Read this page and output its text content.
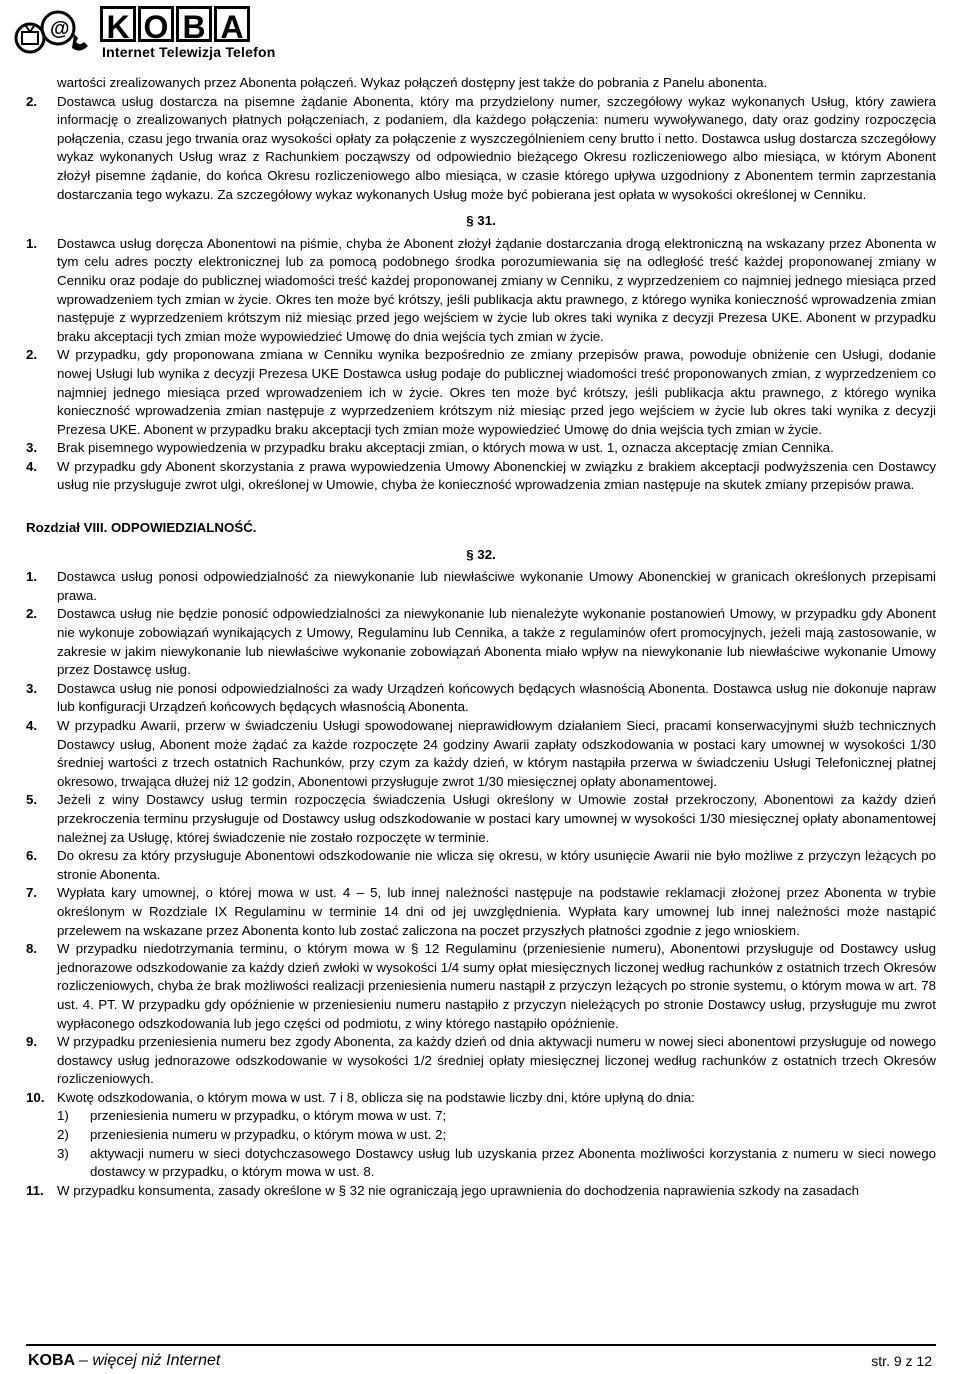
@ K O B A
Internet Telewizja Telefon

wartości zrealizowanych przez Abonenta połączeń. Wykaz połączeń dostępny jest także do pobrania z Panelu abonenta.

2.	Dostawca usług dostarcza na pisemne żądanie Abonenta, który ma przydzielony numer, szczegółowy wykaz wykonanych Usług, który zawiera informację o zrealizowanych płatnych połączeniach, z podaniem, dla każdego połączenia: numeru wywoływanego, daty oraz godziny rozpoczęcia połączenia, czasu jego trwania oraz wysokości opłaty za połączenie z wyszczególnieniem ceny brutto i netto. Dostawca usług dostarcza szczegółowy wykaz wykonanych Usług wraz z Rachunkiem począwszy od odpowiednio bieżącego Okresu rozliczeniowego albo miesiąca, w którym Abonent złożył pisemne żądanie, do końca Okresu rozliczeniowego albo miesiąca, w czasie którego upływa uzgodniony z Abonentem termin zaprzestania dostarczania tego wykazu. Za szczegółowy wykaz wykonanych Usług może być pobierana jest opłata w wysokości określonej w Cenniku.
§ 31.
1.	Dostawca usług doręcza Abonentowi na piśmie, chyba że Abonent złożył żądanie dostarczania drogą elektroniczną na wskazany przez Abonenta w tym celu adres poczty elektronicznej lub za pomocą podobnego środka porozumiewania się na odległość treść każdej proponowanej zmiany w Cenniku oraz podaje do publicznej wiadomości treść każdej proponowanej zmiany w Cenniku, z wyprzedzeniem co najmniej jednego miesiąca przed wprowadzeniem tych zmian w życie. Okres ten może być krótszy, jeśli publikacja aktu prawnego, z którego wynika konieczność wprowadzenia zmian następuje z wyprzedzeniem krótszym niż miesiąc przed jego wejściem w życie lub okres taki wynika z decyzji Prezesa UKE. Abonent w przypadku braku akceptacji tych zmian może wypowiedzieć Umowę do dnia wejścia tych zmian w życie.
2.	W przypadku, gdy proponowana zmiana w Cenniku wynika bezpośrednio ze zmiany przepisów prawa, powoduje obniżenie cen Usługi, dodanie nowej Usługi lub wynika z decyzji Prezesa UKE Dostawca usług podaje do publicznej wiadomości treść proponowanych zmian, z wyprzedzeniem co najmniej jednego miesiąca przed wprowadzeniem ich w życie. Okres ten może być krótszy, jeśli publikacja aktu prawnego, z którego wynika konieczność wprowadzenia zmian następuje z wyprzedzeniem krótszym niż miesiąc przed jego wejściem w życie lub okres taki wynika z decyzji Prezesa UKE. Abonent w przypadku braku akceptacji tych zmian może wypowiedzieć Umowę do dnia wejścia tych zmian w życie.
3.	Brak pisemnego wypowiedzenia w przypadku braku akceptacji zmian, o których mowa w ust. 1, oznacza akceptację zmian Cennika.
4.	W przypadku gdy Abonent skorzystania z prawa wypowiedzenia Umowy Abonenckiej w związku z brakiem akceptacji podwyższenia cen Dostawcy usług nie przysługuje zwrot ulgi, określonej w Umowie, chyba że konieczność wprowadzenia zmian następuje na skutek zmiany przepisów prawa.
Rozdział VIII. ODPOWIEDZIALNOŚĆ.
§ 32.
1.	Dostawca usług ponosi odpowiedzialność za niewykonanie lub niewłaściwe wykonanie Umowy Abonenckiej w granicach określonych przepisami prawa.
2.	Dostawca usług nie będzie ponosić odpowiedzialności za niewykonanie lub nienależyte wykonanie postanowień Umowy, w przypadku gdy Abonent nie wykonuje zobowiązań wynikających z Umowy, Regulaminu lub Cennika, a także z regulaminów ofert promocyjnych, jeżeli mają zastosowanie, w zakresie w jakim niewykonanie lub niewłaściwe wykonanie zobowiązań Abonenta miało wpływ na niewykonanie lub niewłaściwe wykonanie Umowy przez Dostawcę usług.
3.	Dostawca usług nie ponosi odpowiedzialności za wady Urządzeń końcowych będących własnością Abonenta. Dostawca usług nie dokonuje napraw lub konfiguracji Urządzeń końcowych będących własnością Abonenta.
4.	W przypadku Awarii, przerw w świadczeniu Usługi spowodowanej nieprawidłowym działaniem Sieci, pracami konserwacyjnymi służb technicznych Dostawcy usług, Abonent może żądać za każde rozpoczęte 24 godziny Awarii zapłaty odszkodowania w postaci kary umownej w wysokości 1/30 średniej wartości z trzech ostatnich Rachunków, przy czym za każdy dzień, w którym nastąpiła przerwa w świadczeniu Usługi Telefonicznej płatnej okresowo, trwająca dłużej niż 12 godzin, Abonentowi przysługuje zwrot 1/30 miesięcznej opłaty abonamentowej.
5.	Jeżeli z winy Dostawcy usług termin rozpoczęcia świadczenia Usługi określony w Umowie został przekroczony, Abonentowi za każdy dzień przekroczenia terminu przysługuje od Dostawcy usług odszkodowanie w postaci kary umownej w wysokości 1/30 miesięcznej opłaty abonamentowej należnej za Usługę, której świadczenie nie zostało rozpoczęte w terminie.
6.	Do okresu za który przysługuje Abonentowi odszkodowanie nie wlicza się okresu, w który usunięcie Awarii nie było możliwe z przyczyn leżących po stronie Abonenta.
7.	Wypłata kary umownej, o której mowa w ust. 4 – 5, lub innej należności następuje na podstawie reklamacji złożonej przez Abonenta w trybie określonym w Rozdziale IX Regulaminu w terminie 14 dni od jej uwzględnienia. Wypłata kary umownej lub innej należności może nastąpić przelewem na wskazane przez Abonenta konto lub zostać zaliczona na poczet przyszłych płatności zgodnie z jego wnioskiem.
8.	W przypadku niedotrzymania terminu, o którym mowa w § 12 Regulaminu (przeniesienie numeru), Abonentowi przysługuje od Dostawcy usług jednorazowe odszkodowanie za każdy dzień zwłoki w wysokości 1/4 sumy opłat miesięcznych liczonej według rachunków z ostatnich trzech Okresów rozliczeniowych, chyba że brak możliwości realizacji przeniesienia numeru nastąpił z przyczyn leżących po stronie systemu, o którym mowa w art. 78 ust. 4. PT. W przypadku gdy opóźnienie w przeniesieniu numeru nastąpiło z przyczyn nieleżących po stronie Dostawcy usług, przysługuje mu zwrot wypłaconego odszkodowania lub jego części od podmiotu, z winy którego nastąpiło opóźnienie.
9.	W przypadku przeniesienia numeru bez zgody Abonenta, za każdy dzień od dnia aktywacji numeru w nowej sieci abonentowi przysługuje od nowego dostawcy usług jednorazowe odszkodowanie w wysokości 1/2 średniej opłaty miesięcznej liczonej według rachunków z ostatnich trzech Okresów rozliczeniowych.
10. Kwotę odszkodowania, o którym mowa w ust. 7 i 8, oblicza się na podstawie liczby dni, które upłyną do dnia:
1)	przeniesienia numeru w przypadku, o którym mowa w ust. 7;
2)	przeniesienia numeru w przypadku, o którym mowa w ust. 2;
3)	aktywacji numeru w sieci dotychczasowego Dostawcy usług lub uzyskania przez Abonenta możliwości korzystania z numeru w sieci nowego dostawcy w przypadku, o którym mowa w ust. 8.
11. W przypadku konsumenta, zasady określone w § 32 nie ograniczają jego uprawnienia do dochodzenia naprawienia szkody na zasadach
KOBA – więcej niż Internet	str. 9 z 12
